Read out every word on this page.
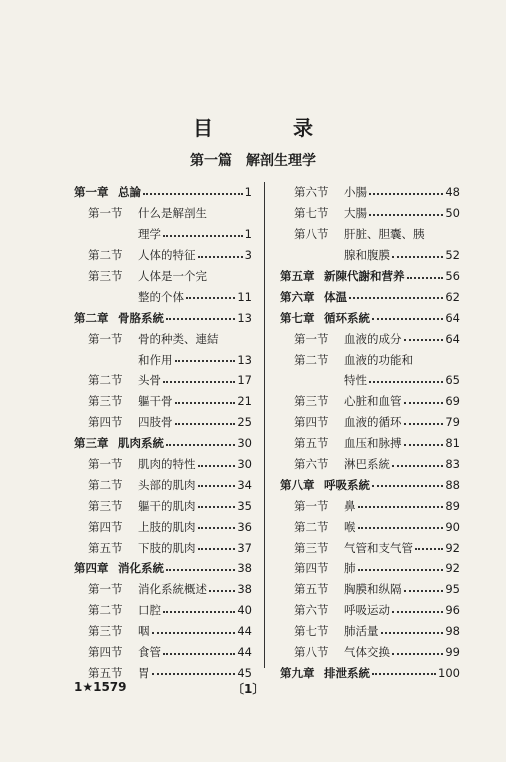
目　录
第一篇　解剖生理学
第一章 总論	1
第一节	什么是解剖生
理学	1
第二节	人体的特征	3
第三节	人体是一个完
整的个体	11
第二章 骨胳系統	13
第一节	骨的种类、連結
和作用	13
第二节	头骨	17
第三节	軀干骨	21
第四节	四肢骨	25
第三章 肌肉系統	30
第一节	肌肉的特性	30
第二节	头部的肌肉	34
第三节	軀干的肌肉	35
第四节	上肢的肌肉	36
第五节	下肢的肌肉	37
第四章 消化系統	38
第一节	消化系統概述	38
第二节	口腔	40
第三节	咽	44
第四节	食管	44
第五节	胃	45
第六节	小腸	48
第七节	大腸	50
第八节	肝脏、胆囊、胰
腺和腹膜	52
第五章 新陳代謝和营养	56
第六章 体温	62
第七章 循环系統	64
第一节	血液的成分	64
第二节	血液的功能和
特性	65
第三节	心脏和血管	69
第四节	血液的循环	79
第五节	血压和脉搏	81
第六节	淋巴系統	83
第八章 呼吸系統	88
第一节	鼻	89
第二节	喉	90
第三节	气管和支气管	92
第四节	肺	92
第五节	胸膜和纵隔	95
第六节	呼吸运动	96
第七节	肺活量	98
第八节	气体交换	99
第九章 排泄系統	100
1★1579	〔1〕
